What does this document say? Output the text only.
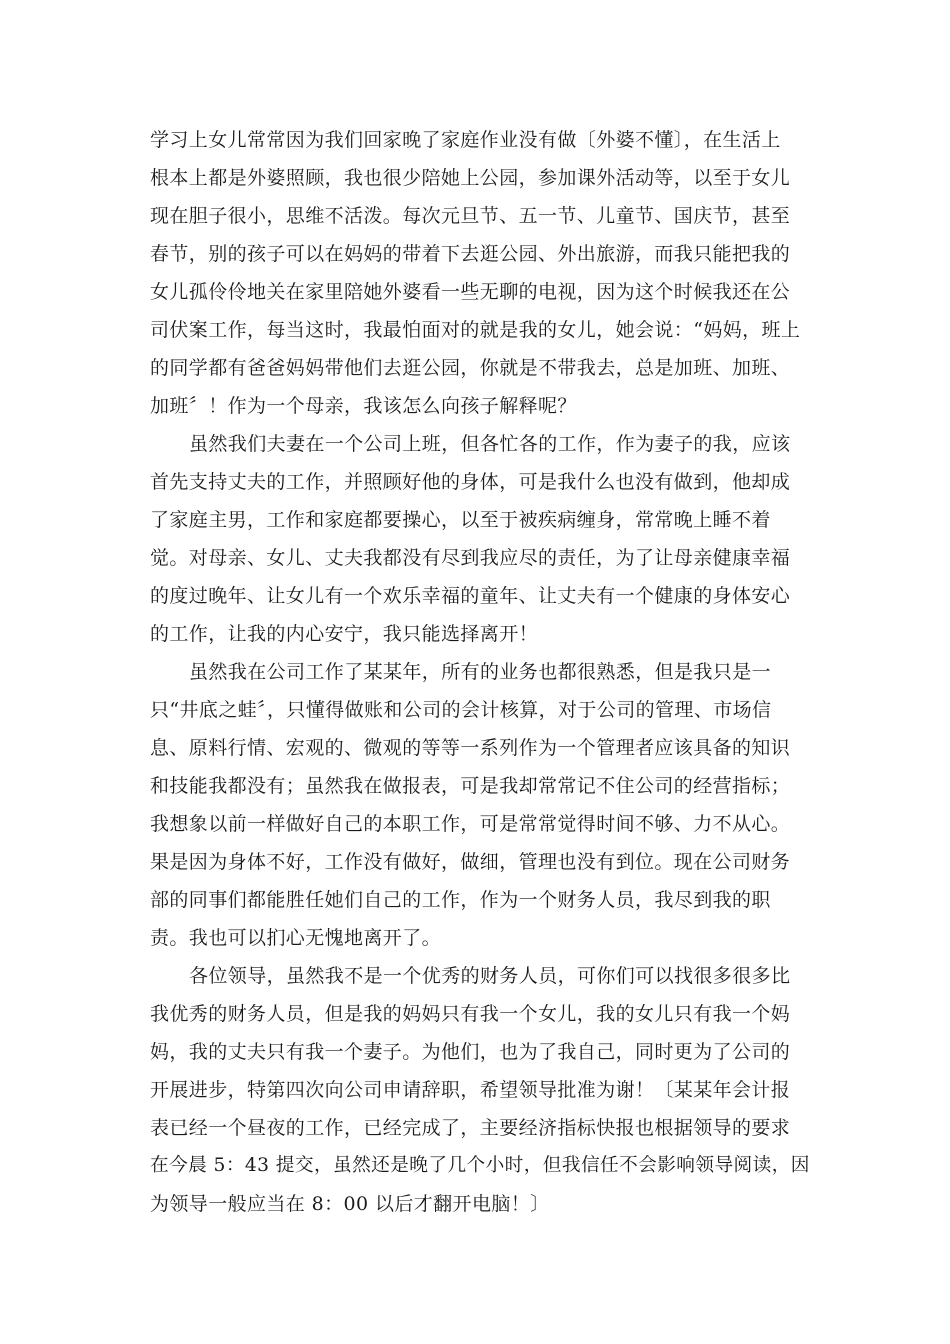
学习上女儿常常因为我们回家晚了家庭作业没有做〔外婆不懂〕，在生活上
根本上都是外婆照顾，我也很少陪她上公园，参加课外活动等，以至于女儿
现在胆子很小，思维不活泼。每次元旦节、五一节、儿童节、国庆节，甚至
春节，别的孩子可以在妈妈的带着下去逛公园、外出旅游，而我只能把我的
女儿孤伶伶地关在家里陪她外婆看一些无聊的电视，因为这个时候我还在公
司伏案工作，每当这时，我最怕面对的就是我的女儿，她会说：“妈妈，班上
的同学都有爸爸妈妈带他们去逛公园，你就是不带我去，总是加班、加班、
加班〞！作为一个母亲，我该怎么向孩子解释呢？
虽然我们夫妻在一个公司上班，但各忙各的工作，作为妻子的我，应该
首先支持丈夫的工作，并照顾好他的身体，可是我什么也没有做到，他却成
了家庭主男，工作和家庭都要操心，以至于被疾病缠身，常常晚上睡不着
觉。对母亲、女儿、丈夫我都没有尽到我应尽的责任，为了让母亲健康幸福
的度过晚年、让女儿有一个欢乐幸福的童年、让丈夫有一个健康的身体安心
的工作，让我的内心安宁，我只能选择离开！
虽然我在公司工作了某某年，所有的业务也都很熟悉，但是我只是一
只“井底之蛙〞，只懂得做账和公司的会计核算，对于公司的管理、市场信
息、原料行情、宏观的、微观的等等一系列作为一个管理者应该具备的知识
和技能我都没有；虽然我在做报表，可是我却常常记不住公司的经营指标；
我想象以前一样做好自己的本职工作，可是常常觉得时间不够、力不从心。
果是因为身体不好，工作没有做好，做细，管理也没有到位。现在公司财务
部的同事们都能胜任她们自己的工作，作为一个财务人员，我尽到我的职
责。我也可以扪心无愧地离开了。
各位领导，虽然我不是一个优秀的财务人员，可你们可以找很多很多比
我优秀的财务人员，但是我的妈妈只有我一个女儿，我的女儿只有我一个妈
妈，我的丈夫只有我一个妻子。为他们，也为了我自己，同时更为了公司的
开展进步，特第四次向公司申请辞职，希望领导批准为谢！〔某某年会计报
表已经一个昼夜的工作，已经完成了，主要经济指标快报也根据领导的要求
在今晨 5：43 提交，虽然还是晚了几个小时，但我信任不会影响领导阅读，因
为领导一般应当在 8：00 以后才翻开电脑！〕
